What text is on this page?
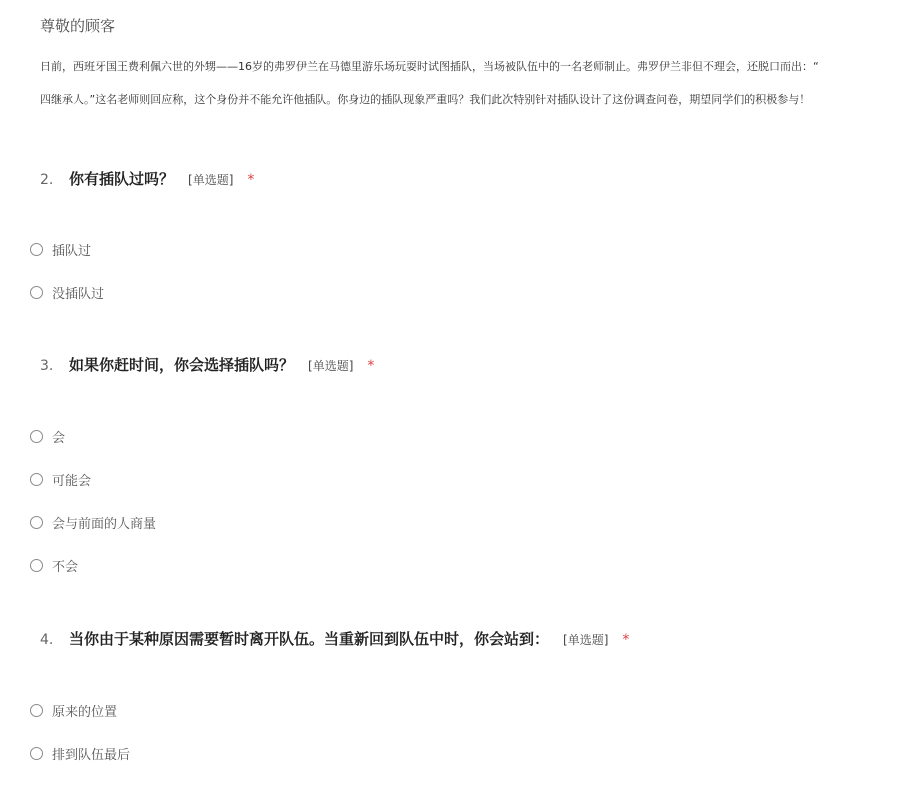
尊敬的顾客
日前，西班牙国王费利佩六世的外甥——16岁的弗罗伊兰在马德里游乐场玩耍时试图插队，当场被队伍中的一名老师制止。弗罗伊兰非但不理会，还脱口而出：“
四继承人。”这名老师则回应称，这个身份并不能允许他插队。你身边的插队现象严重吗？我们此次特别针对插队设计了这份调查问卷，期望同学们的积极参与！
2.	你有插队过吗？ [单选题] *
插队过
没插队过
3.	如果你赶时间，你会选择插队吗？ [单选题] *
会
可能会
会与前面的人商量
不会
4.	当你由于某种原因需要暂时离开队伍。当重新回到队伍中时，你会站到： [单选题] *
原来的位置
排到队伍最后
